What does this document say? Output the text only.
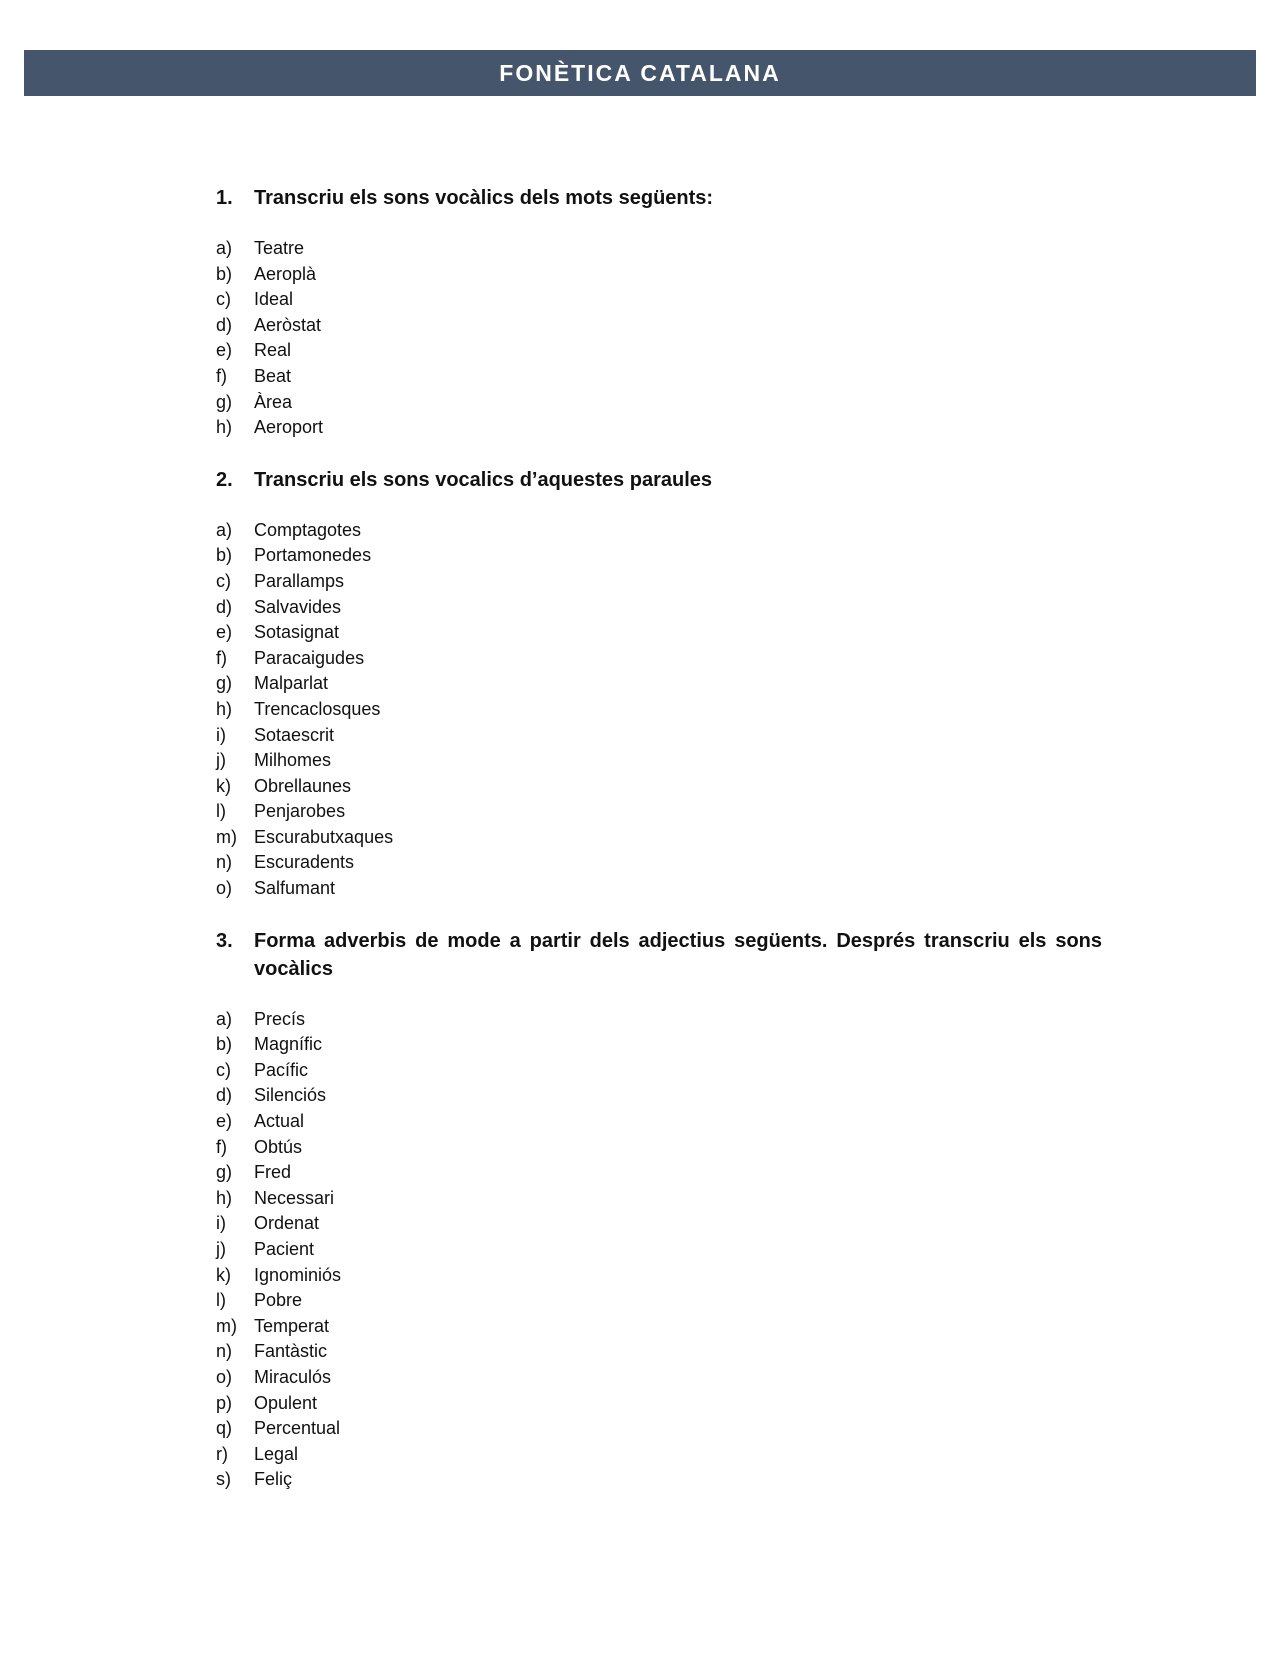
FONÈTICA CATALANA
1.	Transcriu els sons vocàlics dels mots següents:
a)	Teatre
b)	Aeroplà
c)	Ideal
d)	Aeròstat
e)	Real
f)	Beat
g)	Àrea
h)	Aeroport
2.	Transcriu els sons vocalics d’aquestes paraules
a)	Comptagotes
b)	Portamonedes
c)	Parallamps
d)	Salvavides
e)	Sotasignat
f)	Paracaigudes
g)	Malparlat
h)	Trencaclosques
i)	Sotaescrit
j)	Milhomes
k)	Obrellaunes
l)	Penjarobes
m) Escurabutxaques
n)	Escuradents
o)	Salfumant
3.	Forma adverbis de mode a partir dels adjectius següents. Després transcriu els sons vocàlics
a)	Precís
b)	Magnífic
c)	Pacífic
d)	Silenciós
e)	Actual
f)	Obtús
g)	Fred
h)	Necessari
i)	Ordenat
j)	Pacient
k)	Ignominiós
l)	Pobre
m) Temperat
n)	Fantàstic
o)	Miraculós
p)	Opulent
q)	Percentual
r)	Legal
s)	Feliç
